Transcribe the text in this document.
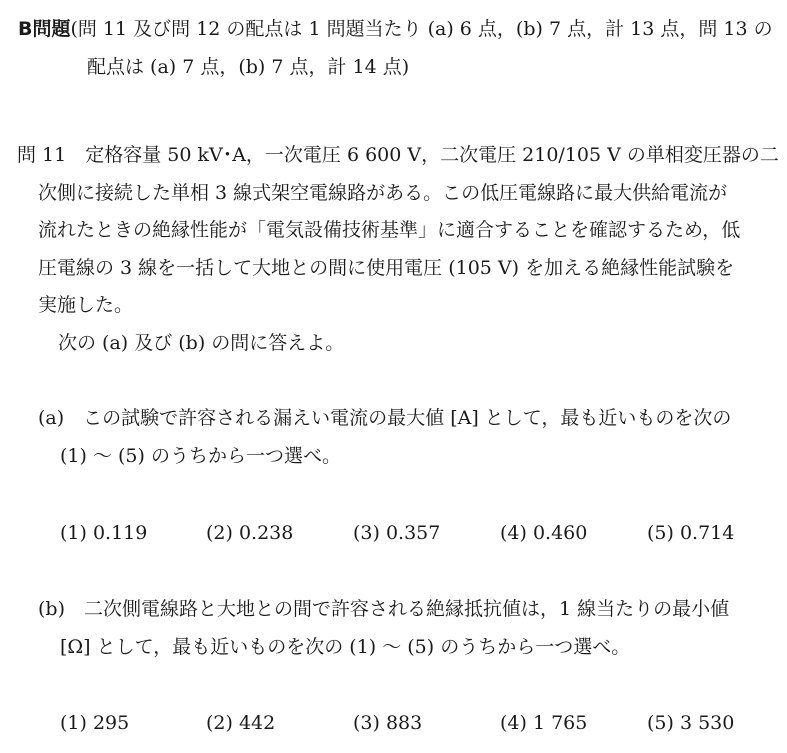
B問題(問 11 及び問 12 の配点は 1 問題当たり (a) 6 点，(b) 7 点，計 13 点，問 13 の
配点は (a) 7 点，(b) 7 点，計 14 点)
問 11　定格容量 50 kV･A，一次電圧 6 600 V，二次電圧 210/105 V の単相変圧器の二
次側に接続した単相 3 線式架空電線路がある。この低圧電線路に最大供給電流が
流れたときの絶縁性能が「電気設備技術基準」に適合することを確認するため，低
圧電線の 3 線を一括して大地との間に使用電圧 (105 V) を加える絶縁性能試験を
実施した。
次の (a) 及び (b) の問に答えよ。
(a)　この試験で許容される漏えい電流の最大値 [A] として，最も近いものを次の
(1) 〜 (5) のうちから一つ選べ。
(1) 0.119	(2) 0.238	(3) 0.357	(4) 0.460	(5) 0.714
(b)　二次側電線路と大地との間で許容される絶縁抵抗値は，1 線当たりの最小値
[Ω] として，最も近いものを次の (1) 〜 (5) のうちから一つ選べ。
(1) 295	(2) 442	(3) 883	(4) 1 765	(5) 3 530
